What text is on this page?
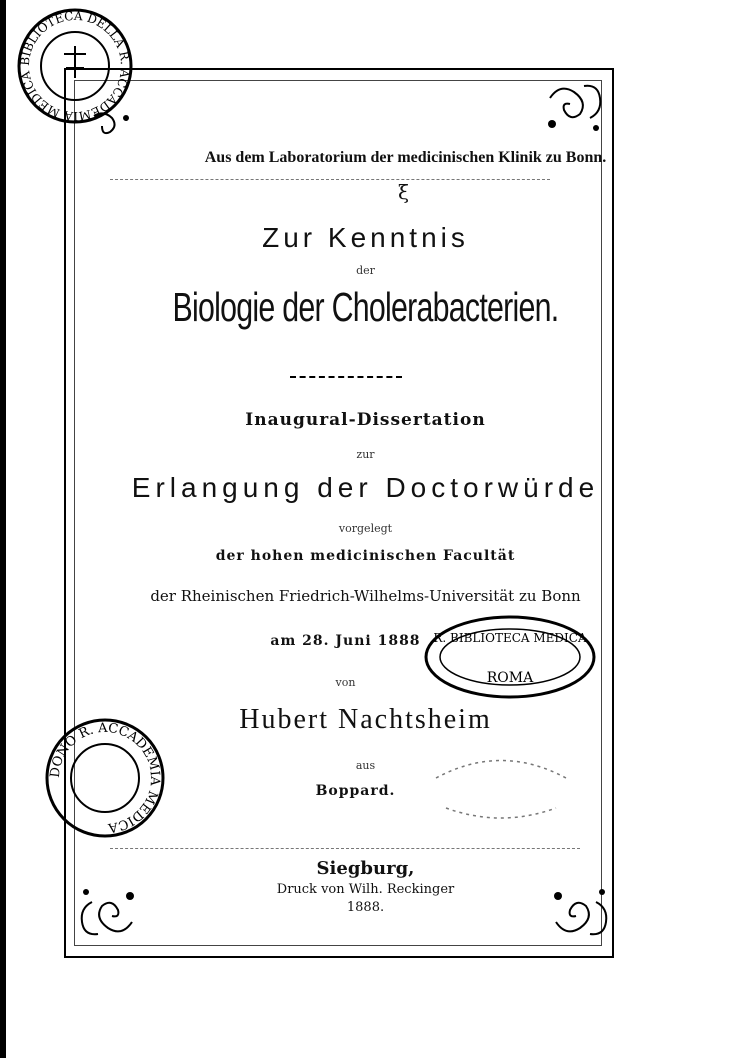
BIBLIOTECA DELLA R. ACCADEMIA MEDICA
R. BIBLIOTECA MEDICA
ROMA
DONO R. ACCADEMIA MEDICA
Aus dem Laboratorium der medicinischen Klinik zu Bonn.
ξ
Zur Kenntnis
der
Biologie der Cholerabacterien.
Inaugural-Dissertation
zur
Erlangung der Doctorwürde
vorgelegt
der hohen medicinischen Facultät
der Rheinischen Friedrich-Wilhelms-Universität zu Bonn
am 28. Juni 1888
von
Hubert Nachtsheim
aus
Boppard.
Siegburg,
Druck von Wilh. Reckinger
1888.
